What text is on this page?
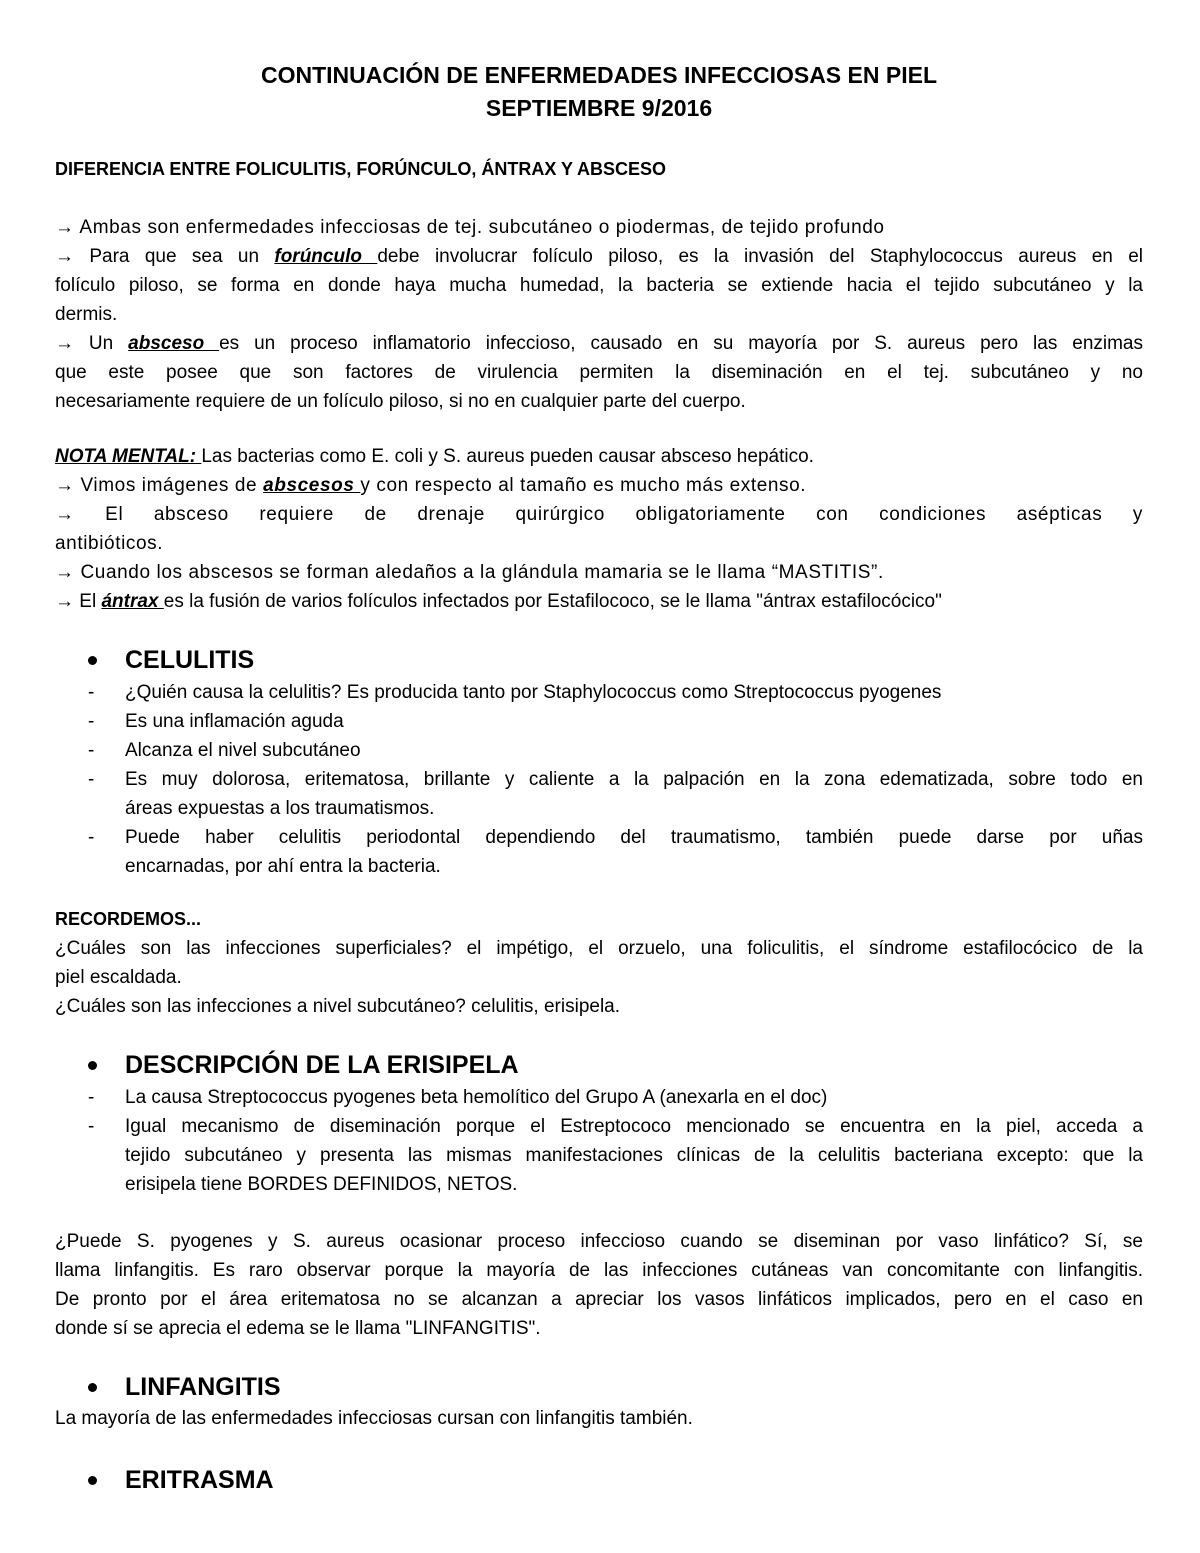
CONTINUACIÓN DE ENFERMEDADES INFECCIOSAS EN PIEL
SEPTIEMBRE 9/2016
DIFERENCIA ENTRE FOLICULITIS, FORÚNCULO, ÁNTRAX Y ABSCESO
→ Ambas son enfermedades infecciosas de tej. subcutáneo o piodermas, de tejido profundo
→ Para que sea un forúnculo debe involucrar folículo piloso, es la invasión del Staphylococcus aureus en el
folículo piloso, se forma en donde haya mucha humedad, la bacteria se extiende hacia el tejido subcutáneo y la
dermis.
→ Un absceso es un proceso inflamatorio infeccioso, causado en su mayoría por S. aureus pero las enzimas
que este posee que son factores de virulencia permiten la diseminación en el tej. subcutáneo y no
necesariamente requiere de un folículo piloso, si no en cualquier parte del cuerpo.
NOTA MENTAL: Las bacterias como E. coli y S. aureus pueden causar absceso hepático.
→ Vimos imágenes de abscesos y con respecto al tamaño es mucho más extenso.
→ El absceso requiere de drenaje quirúrgico obligatoriamente con condiciones asépticas y
antibióticos.
→ Cuando los abscesos se forman aledaños a la glándula mamaria se le llama “MASTITIS”.
→ El ántrax es la fusión de varios folículos infectados por Estafilococo, se le llama "ántrax estafilocócico"
CELULITIS
- ¿Quién causa la celulitis? Es producida tanto por Staphylococcus como Streptococcus pyogenes
- Es una inflamación aguda
- Alcanza el nivel subcutáneo
- Es muy dolorosa, eritematosa, brillante y caliente a la palpación en la zona edematizada, sobre todo en
áreas expuestas a los traumatismos.
- Puede haber celulitis periodontal dependiendo del traumatismo, también puede darse por uñas
encarnadas, por ahí entra la bacteria.
RECORDEMOS...
¿Cuáles son las infecciones superficiales? el impétigo, el orzuelo, una foliculitis, el síndrome estafilocócico de la
piel escaldada.
¿Cuáles son las infecciones a nivel subcutáneo? celulitis, erisipela.
DESCRIPCIÓN DE LA ERISIPELA
- La causa Streptococcus pyogenes beta hemolítico del Grupo A (anexarla en el doc)
- Igual mecanismo de diseminación porque el Estreptococo mencionado se encuentra en la piel, acceda a
tejido subcutáneo y presenta las mismas manifestaciones clínicas de la celulitis bacteriana excepto: que la
erisipela tiene BORDES DEFINIDOS, NETOS.
¿Puede S. pyogenes y S. aureus ocasionar proceso infeccioso cuando se diseminan por vaso linfático? Sí, se
llama linfangitis. Es raro observar porque la mayoría de las infecciones cutáneas van concomitante con linfangitis.
De pronto por el área eritematosa no se alcanzan a apreciar los vasos linfáticos implicados, pero en el caso en
donde sí se aprecia el edema se le llama "LINFANGITIS".
LINFANGITIS
La mayoría de las enfermedades infecciosas cursan con linfangitis también.
ERITRASMA
